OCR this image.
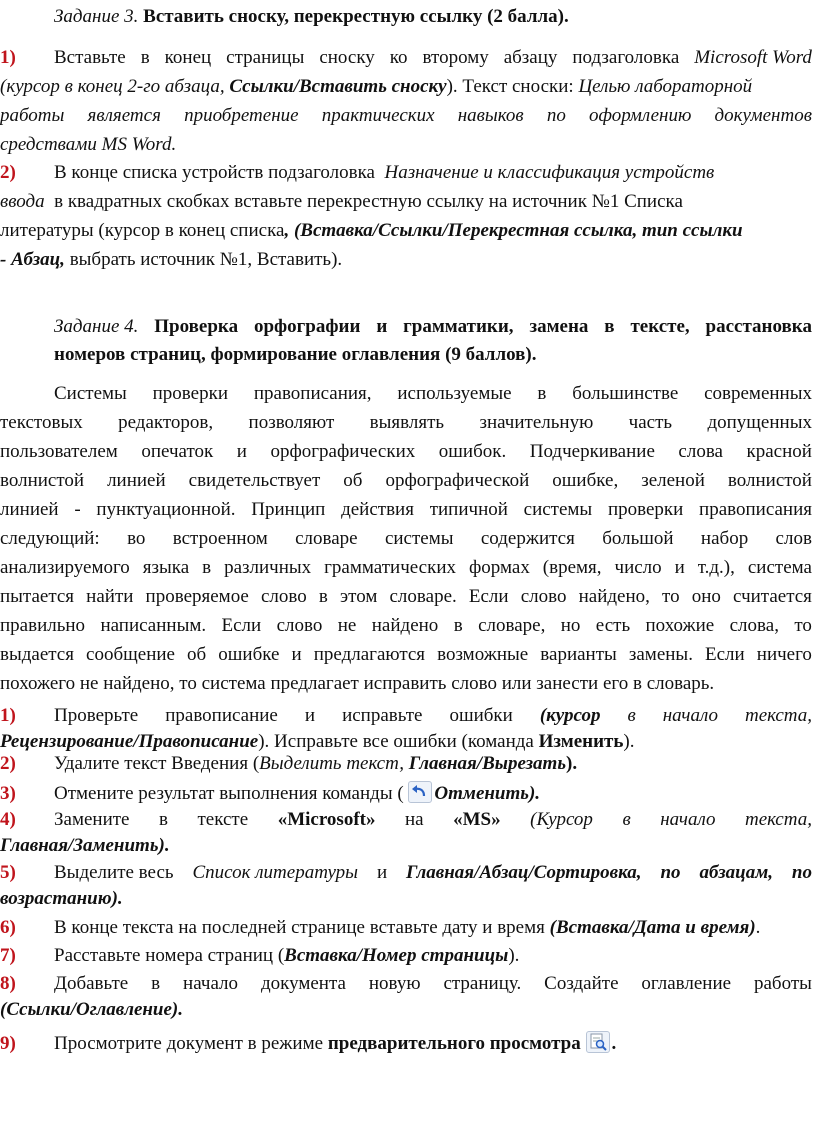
Задание 3. Вставить сноску, перекрестную ссылку (2 балла).
1)	Вставьте в конец страницы сноску ко второму абзацу подзаголовка Microsoft Word
(курсор в конец 2-го абзаца, Ссылки/Вставить сноску). Текст сноски: Целью лабораторной
работы является приобретение практических навыков по оформлению документов
средствами MS Word.
2)	В конце списка устройств подзаголовка Назначение и классификация устройств
ввода в квадратных скобках вставьте перекрестную ссылку на источник №1 Списка
литературы (курсор в конец списка, (Вставка/Ссылки/Перекрестная ссылка, тип ссылки
- Абзац, выбрать источник №1, Вставить).
Задание 4. Проверка орфографии и грамматики, замена в тексте, расстановка
номеров страниц, формирование оглавления (9 баллов).
Системы проверки правописания, используемые в большинстве современных
текстовых редакторов, позволяют выявлять значительную часть допущенных
пользователем опечаток и орфографических ошибок. Подчеркивание слова красной
волнистой линией свидетельствует об орфографической ошибке, зеленой волнистой
линией - пунктуационной. Принцип действия типичной системы проверки правописания
следующий: во встроенном словаре системы содержится большой набор слов
анализируемого языка в различных грамматических формах (время, число и т.д.), система
пытается найти проверяемое слово в этом словаре. Если слово найдено, то оно считается
правильно написанным. Если слово не найдено в словаре, но есть похожие слова, то
выдается сообщение об ошибке и предлагаются возможные варианты замены. Если ничего
похожего не найдено, то система предлагает исправить слово или занести его в словарь.
1)	Проверьте правописание и исправьте ошибки (курсор в начало текста,
Рецензирование/Правописание). Исправьте все ошибки (команда Изменить).
2)	Удалите текст Введения (Выделить текст, Главная/Вырезать).
3)	Отмените результат выполнения команды ( Отменить).
4)	Замените в тексте «Microsoft» на «MS» (Курсор в начало текста,
Главная/Заменить).
5)	Выделите весь Список литературы и Главная/Абзац/Сортировка, по абзацам, по
возрастанию).
6)	В конце текста на последней странице вставьте дату и время (Вставка/Дата и время).
7)	Расставьте номера страниц (Вставка/Номер страницы).
8)	Добавьте в начало документа новую страницу. Создайте оглавление работы
(Ссылки/Оглавление).
9)	Просмотрите документ в режиме предварительного просмотра .
